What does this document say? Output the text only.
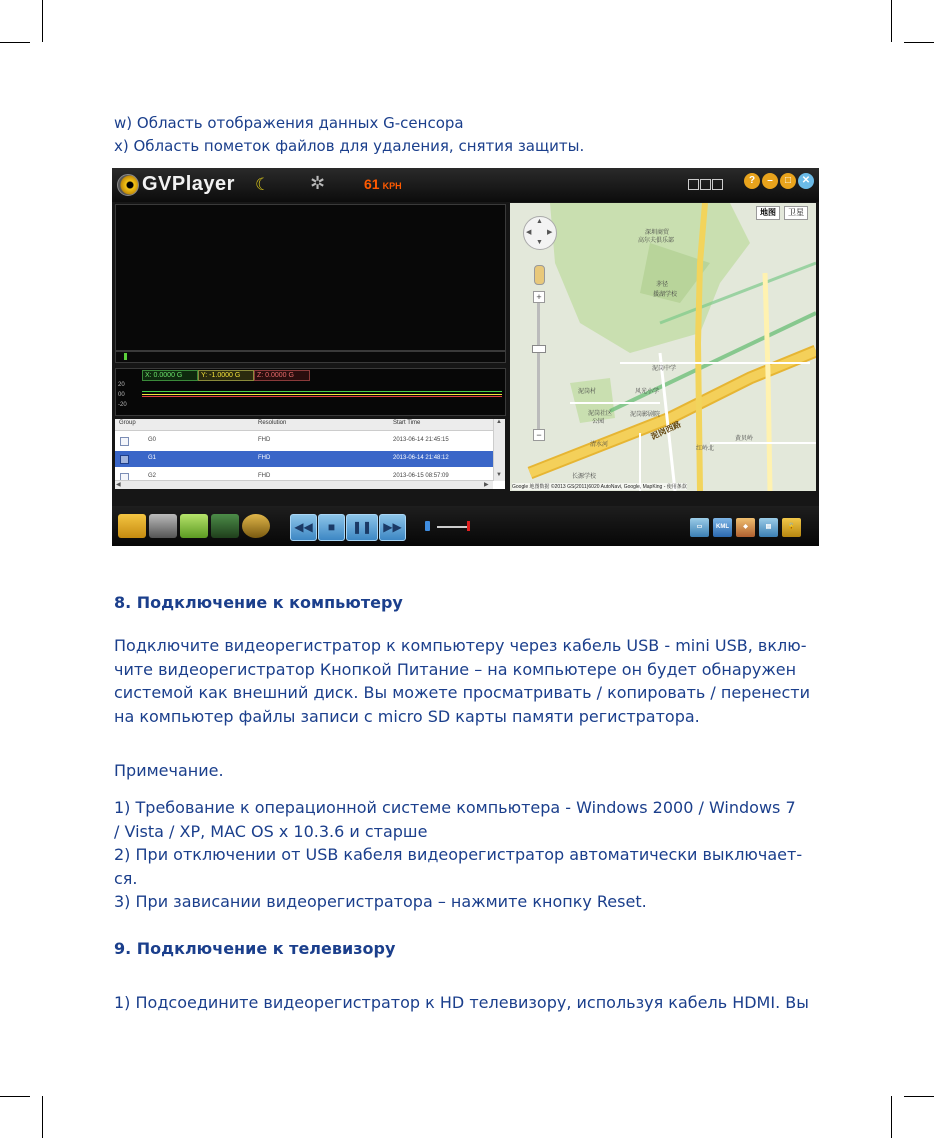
w) Область отображения данных G-сенсора
x) Область пометок файлов для удаления, снятия защиты.
GVPlayer ☾ ✲	61 KPH	?	–	□	✕
X: 0.0000 G	Y: -1.0000 G	Z: 0.0000 G
20
00
-20
Group	Resolution	Start Time
G0	FHD	2013-06-14 21:45:15
G1	FHD	2013-06-14 21:48:12
G2	FHD	2013-06-15 08:57:09
▲
▼
◀	▶
地图	卫星
▲
◀ ▶
▼
+
−
深圳商贸
高尔夫俱乐部
茅径
援湖学校
泥岗中学
风光小学
泥岗村
泥岗社区
公园
泥岗影剧院
清水河
长源学校
红岭北
黄贝岭
泥岗西路
Google 地图数据 ©2013 GS(2011)6020 AutoNavi, Google, MapKing - 使用条款
◀◀	■	❚❚ ▶▶	▭	KML	◆	▤	🔓
8. Подключение к компьютеру
Подключите видеорегистратор к компьютеру через кабель USB - mini USB, вклю-
чите видеорегистратор Кнопкой Питание – на компьютере он будет обнаружен
системой как внешний диск. Вы можете просматривать / копировать / перенести
на компьютер файлы записи с micro SD карты памяти регистратора.
Примечание.
1) Требование к операционной системе компьютера - Windows 2000 / Windows 7
/ Vista / XP, MAC OS x 10.3.6 и старше
2) При отключении от USB кабеля видеорегистратор автоматически выключает-
ся.
3) При зависании видеорегистратора – нажмите кнопку Reset.
9. Подключение к телевизору
1) Подсоедините видеорегистратор к HD телевизору, используя кабель HDMI. Вы
